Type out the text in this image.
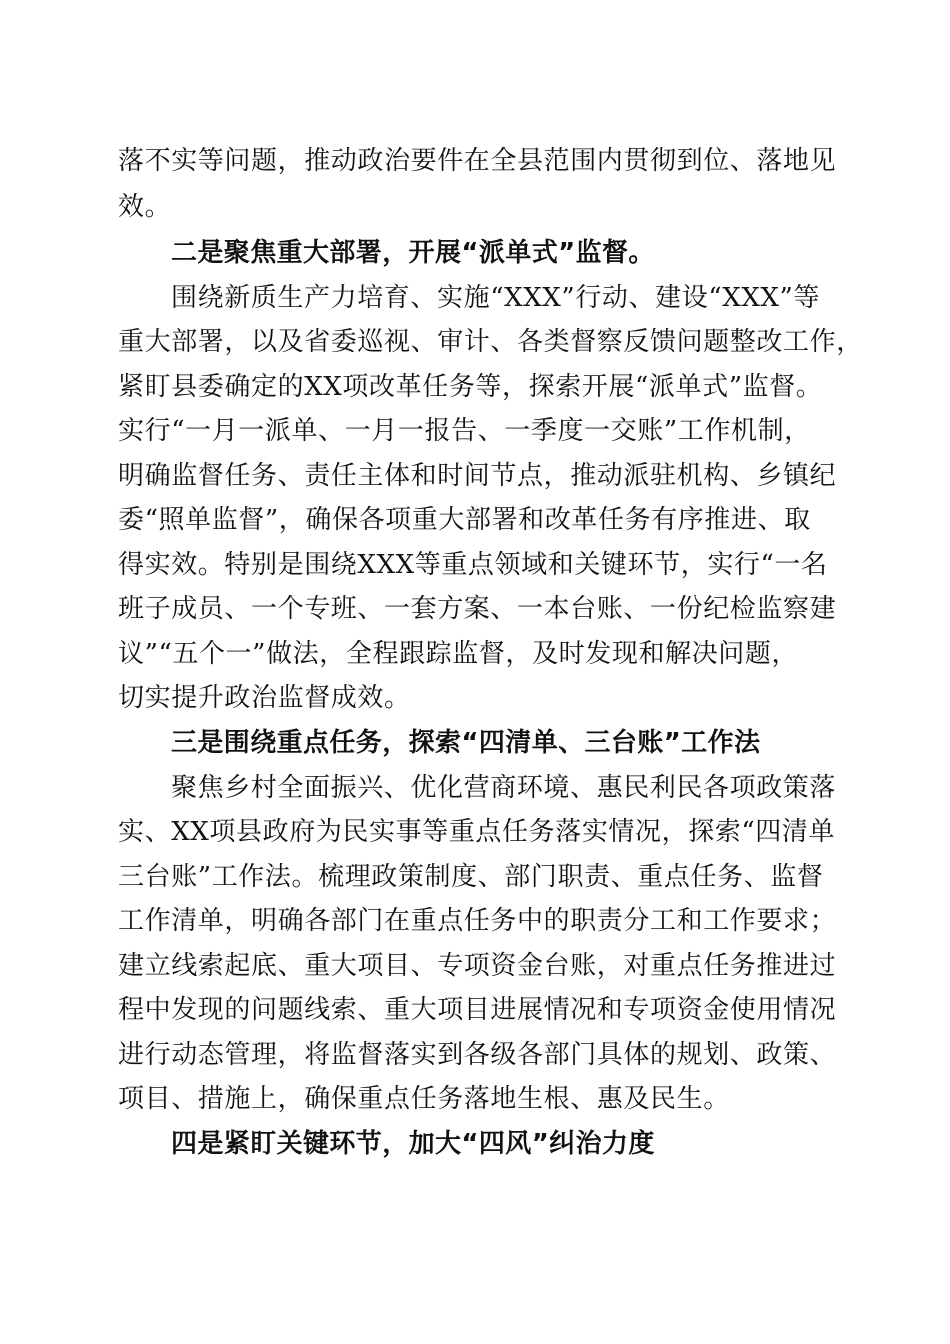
落不实等问题，推动政治要件在全县范围内贯彻到位、落地见
效。
二是聚焦重大部署，开展“派单式”监督。
围绕新质生产力培育、实施“XXX”行动、建设“XXX”等
重大部署，以及省委巡视、审计、各类督察反馈问题整改工作，
紧盯县委确定的XX项改革任务等，探索开展“派单式”监督。
实行“一月一派单、一月一报告、一季度一交账”工作机制，
明确监督任务、责任主体和时间节点，推动派驻机构、乡镇纪
委“照单监督”，确保各项重大部署和改革任务有序推进、取
得实效。特别是围绕XXX等重点领域和关键环节，实行“一名
班子成员、一个专班、一套方案、一本台账、一份纪检监察建
议”“五个一”做法，全程跟踪监督，及时发现和解决问题，
切实提升政治监督成效。
三是围绕重点任务，探索“四清单、三台账”工作法
聚焦乡村全面振兴、优化营商环境、惠民利民各项政策落
实、XX项县政府为民实事等重点任务落实情况，探索“四清单
三台账”工作法。梳理政策制度、部门职责、重点任务、监督
工作清单，明确各部门在重点任务中的职责分工和工作要求；
建立线索起底、重大项目、专项资金台账，对重点任务推进过
程中发现的问题线索、重大项目进展情况和专项资金使用情况
进行动态管理，将监督落实到各级各部门具体的规划、政策、
项目、措施上，确保重点任务落地生根、惠及民生。
四是紧盯关键环节，加大“四风”纠治力度
